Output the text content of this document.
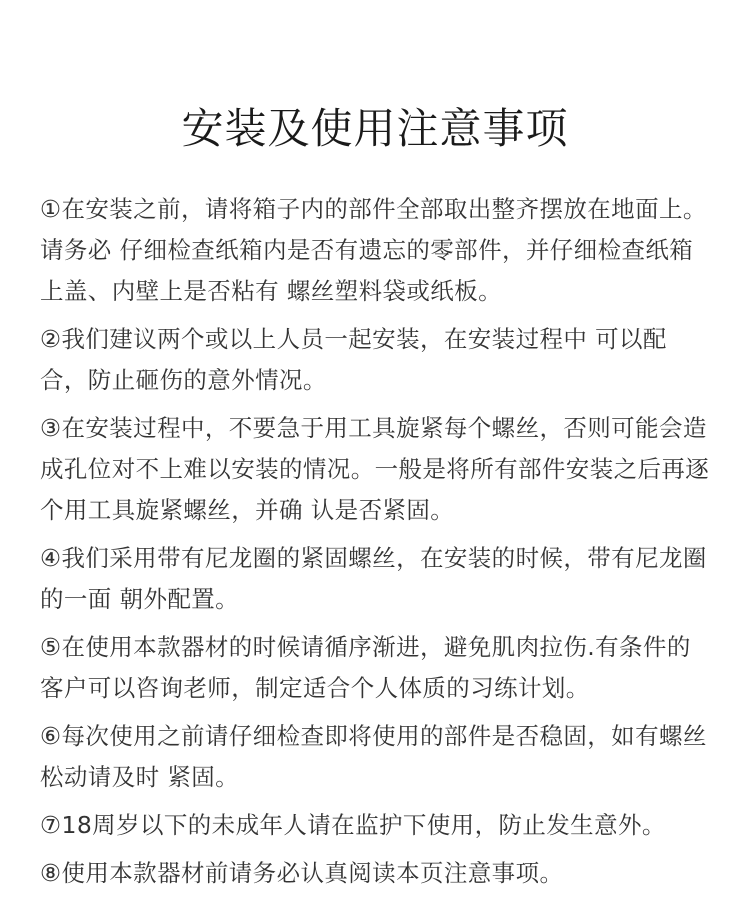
安装及使用注意事项
①在安装之前，请将箱子内的部件全部取出整齐摆放在地面上。请务必 仔细检查纸箱内是否有遗忘的零部件，并仔细检查纸箱上盖、内壁上是否粘有 螺丝塑料袋或纸板。
②我们建议两个或以上人员一起安装，在安装过程中 可以配合，防止砸伤的意外情况。
③在安装过程中，不要急于用工具旋紧每个螺丝，否则可能会造成孔位对不上难以安装的情况。一般是将所有部件安装之后再逐个用工具旋紧螺丝，并确 认是否紧固。
④我们采用带有尼龙圈的紧固螺丝，在安装的时候，带有尼龙圈的一面 朝外配置。
⑤在使用本款器材的时候请循序渐进，避免肌肉拉伤.有条件的客户可以咨询老师，制定适合个人体质的习练计划。
⑥每次使用之前请仔细检查即将使用的部件是否稳固，如有螺丝松动请及时 紧固。
⑦18周岁以下的未成年人请在监护下使用，防止发生意外。
⑧使用本款器材前请务必认真阅读本页注意事项。
